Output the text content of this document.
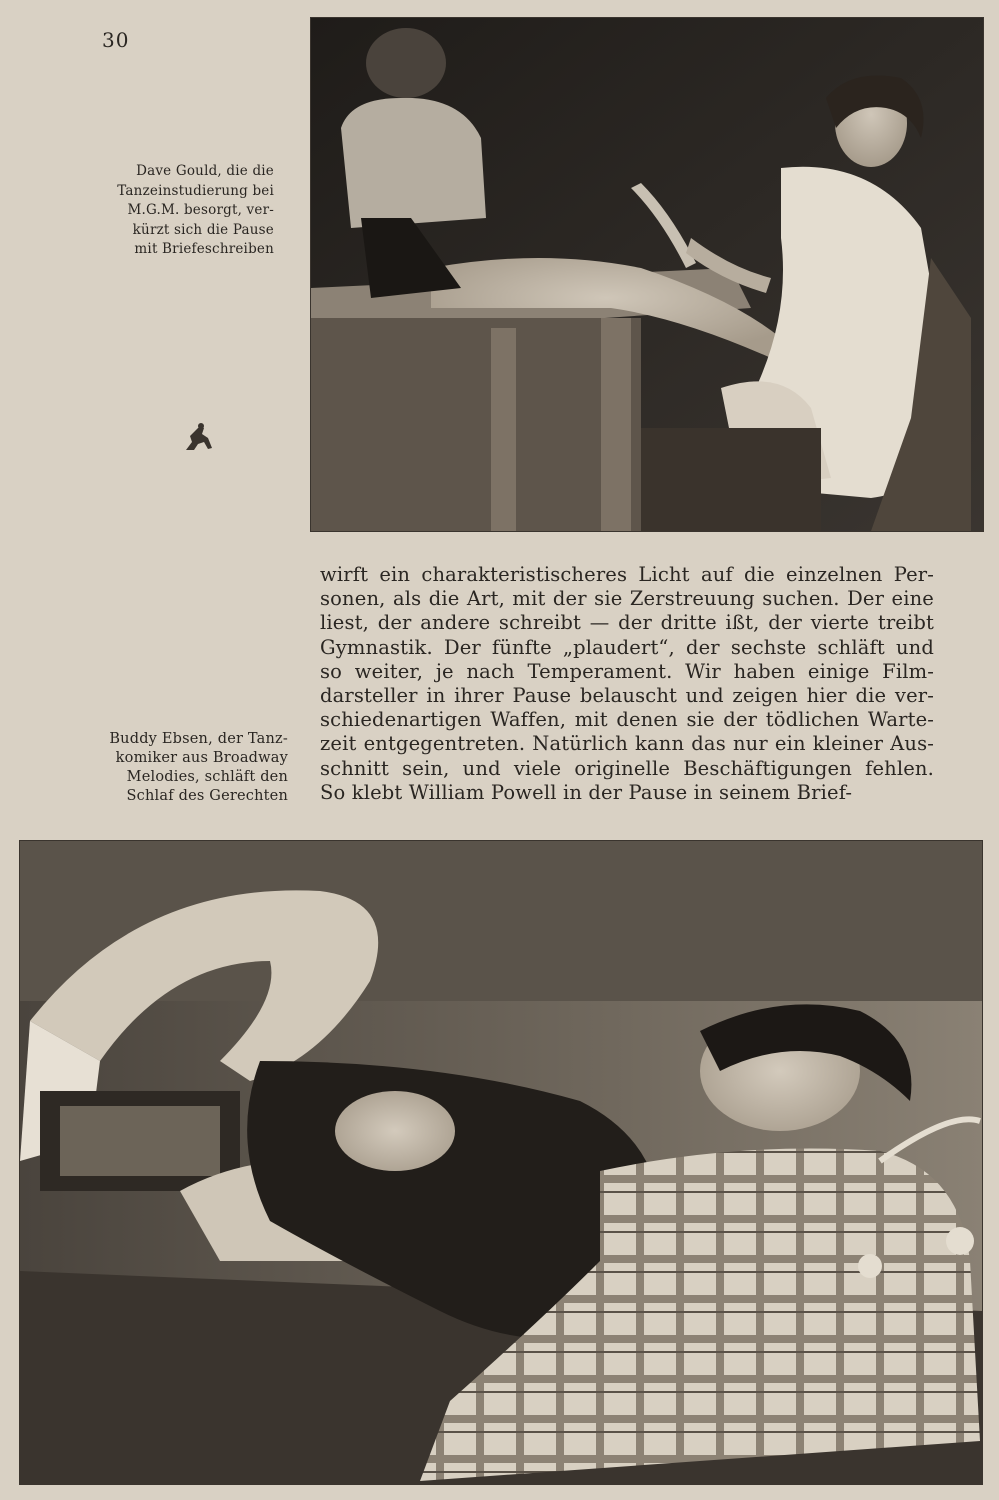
30
Dave Gould, die die
Tanzeinstudierung bei
M.G.M. besorgt, ver-
kürzt sich die Pause
mit Briefeschreiben
wirft ein charakteristischeres Licht auf die einzelnen Per-
sonen, als die Art, mit der sie Zerstreuung suchen. Der eine
liest, der andere schreibt — der dritte ißt, der vierte treibt
Gymnastik. Der fünfte „plaudert“, der sechste schläft und
so weiter, je nach Temperament. Wir haben einige Film-
darsteller in ihrer Pause belauscht und zeigen hier die ver-
schiedenartigen Waffen, mit denen sie der tödlichen Warte-
zeit entgegentreten. Natürlich kann das nur ein kleiner Aus-
schnitt sein, und viele originelle Beschäftigungen fehlen.
So klebt William Powell in der Pause in seinem Brief-
Buddy Ebsen, der Tanz-
komiker aus Broadway
Melodies, schläft den
Schlaf des Gerechten
